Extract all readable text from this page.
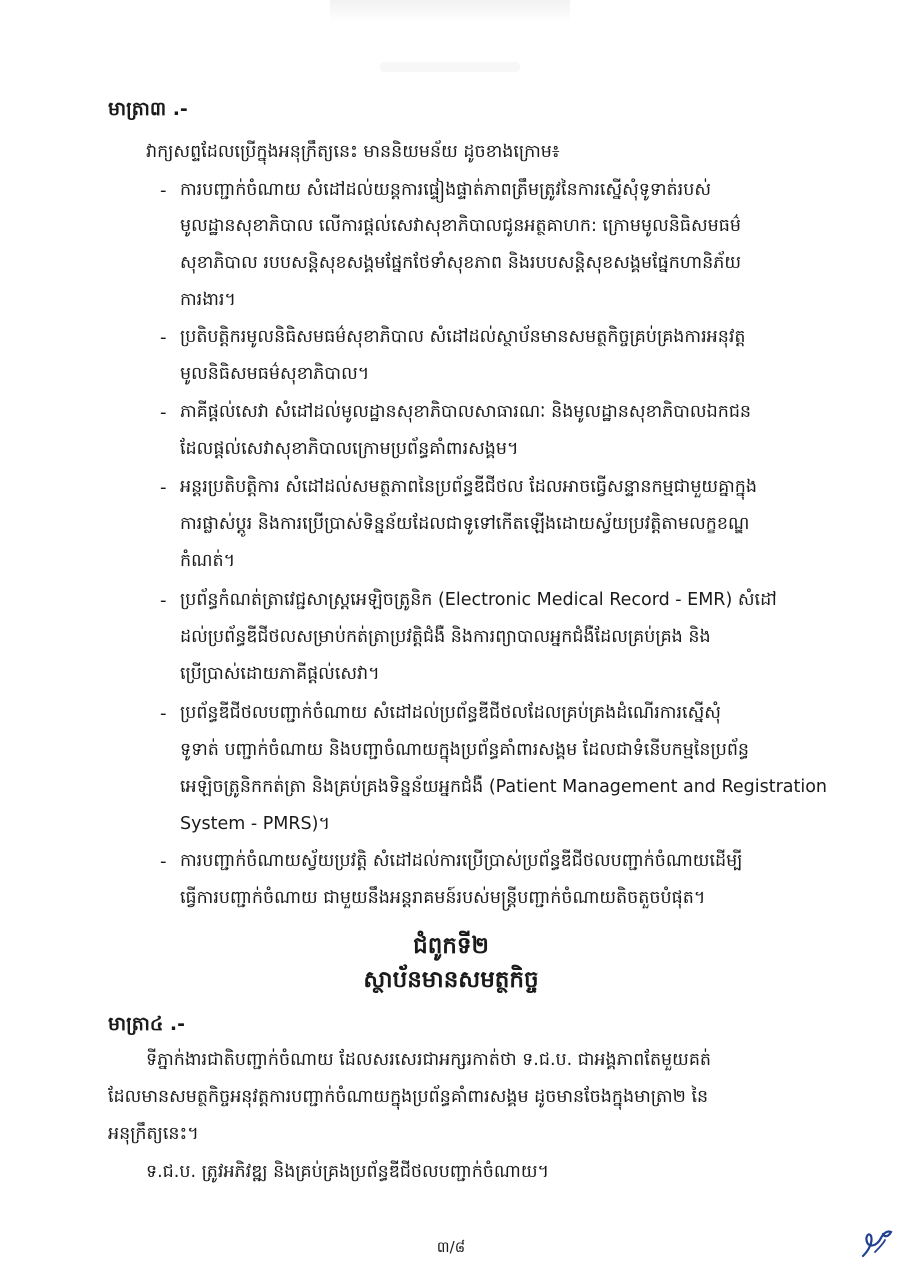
មាត្រា៣ .-
វាក្យសព្ទដែលប្រើក្នុងអនុក្រឹត្យនេះ មាននិយមន័យ ដូចខាងក្រោម៖
- ការបញ្ជាក់ចំណាយ សំដៅដល់យន្តការផ្ទៀងផ្ទាត់ភាពត្រឹមត្រូវនៃការស្នើសុំទូទាត់របស់
មូលដ្ឋានសុខាភិបាល លើការផ្ដល់សេវាសុខាភិបាលជូនអត្ថគាហក: ក្រោមមូលនិធិសមធម៌
សុខាភិបាល របបសន្តិសុខសង្គមផ្នែកថែទាំសុខភាព និងរបបសន្តិសុខសង្គមផ្នែកហានិភ័យ
ការងារ។
- ប្រតិបត្តិករមូលនិធិសមធម៌សុខាភិបាល សំដៅដល់ស្ថាប័នមានសមត្ថកិច្ចគ្រប់គ្រងការអនុវត្ត
មូលនិធិសមធម៌សុខាភិបាល។
- ភាគីផ្ដល់សេវា សំដៅដល់មូលដ្ឋានសុខាភិបាលសាធារណៈ និងមូលដ្ឋានសុខាភិបាលឯកជន
ដែលផ្ដល់សេវាសុខាភិបាលក្រោមប្រព័ន្ធគាំពារសង្គម។
- អន្តរប្រតិបត្តិការ សំដៅដល់សមត្ថភាពនៃប្រព័ន្ធឌីជីថល ដែលអាចធ្វើសន្ទានកម្មជាមួយគ្នាក្នុង
ការផ្លាស់ប្ដូរ និងការប្រើប្រាស់ទិន្នន័យដែលជាទូទៅកើតឡើងដោយស្វ័យប្រវត្តិតាមលក្ខខណ្ឌ
កំណត់។
- ប្រព័ន្ធកំណត់ត្រាវេជ្ជសាស្ត្រអេឡិចត្រូនិក (Electronic Medical Record - EMR) សំដៅ
ដល់ប្រព័ន្ធឌីជីថលសម្រាប់កត់ត្រាប្រវត្តិជំងឺ និងការព្យាបាលអ្នកជំងឺដែលគ្រប់គ្រង និង
ប្រើប្រាស់ដោយភាគីផ្ដល់សេវា។
- ប្រព័ន្ធឌីជីថលបញ្ជាក់ចំណាយ សំដៅដល់ប្រព័ន្ធឌីជីថលដែលគ្រប់គ្រងដំណើរការស្នើសុំ
ទូទាត់ បញ្ជាក់ចំណាយ និងបញ្ជាចំណាយក្នុងប្រព័ន្ធគាំពារសង្គម ដែលជាទំនើបកម្មនៃប្រព័ន្ធ
អេឡិចត្រូនិកកត់ត្រា និងគ្រប់គ្រងទិន្នន័យអ្នកជំងឺ (Patient Management and Registration
System - PMRS)។
- ការបញ្ជាក់ចំណាយស្វ័យប្រវត្តិ សំដៅដល់ការប្រើប្រាស់ប្រព័ន្ធឌីជីថលបញ្ជាក់ចំណាយដើម្បី
ធ្វើការបញ្ជាក់ចំណាយ ជាមួយនឹងអន្តរាគមន៍របស់មន្ត្រីបញ្ជាក់ចំណាយតិចតួចបំផុត។
ជំពូកទី២
ស្ថាប័នមានសមត្ថកិច្ច
មាត្រា៤ .-
ទីភ្នាក់ងារជាតិបញ្ជាក់ចំណាយ ដែលសរសេរជាអក្សរកាត់ថា ទ.ជ.ប. ជាអង្គភាពតែមួយគត់
ដែលមានសមត្ថកិច្ចអនុវត្តការបញ្ជាក់ចំណាយក្នុងប្រព័ន្ធគាំពារសង្គម ដូចមានចែងក្នុងមាត្រា២ នៃ
អនុក្រឹត្យនេះ។
ទ.ជ.ប. ត្រូវអភិវឌ្ឍ និងគ្រប់គ្រងប្រព័ន្ធឌីជីថលបញ្ជាក់ចំណាយ។
៣/៨
